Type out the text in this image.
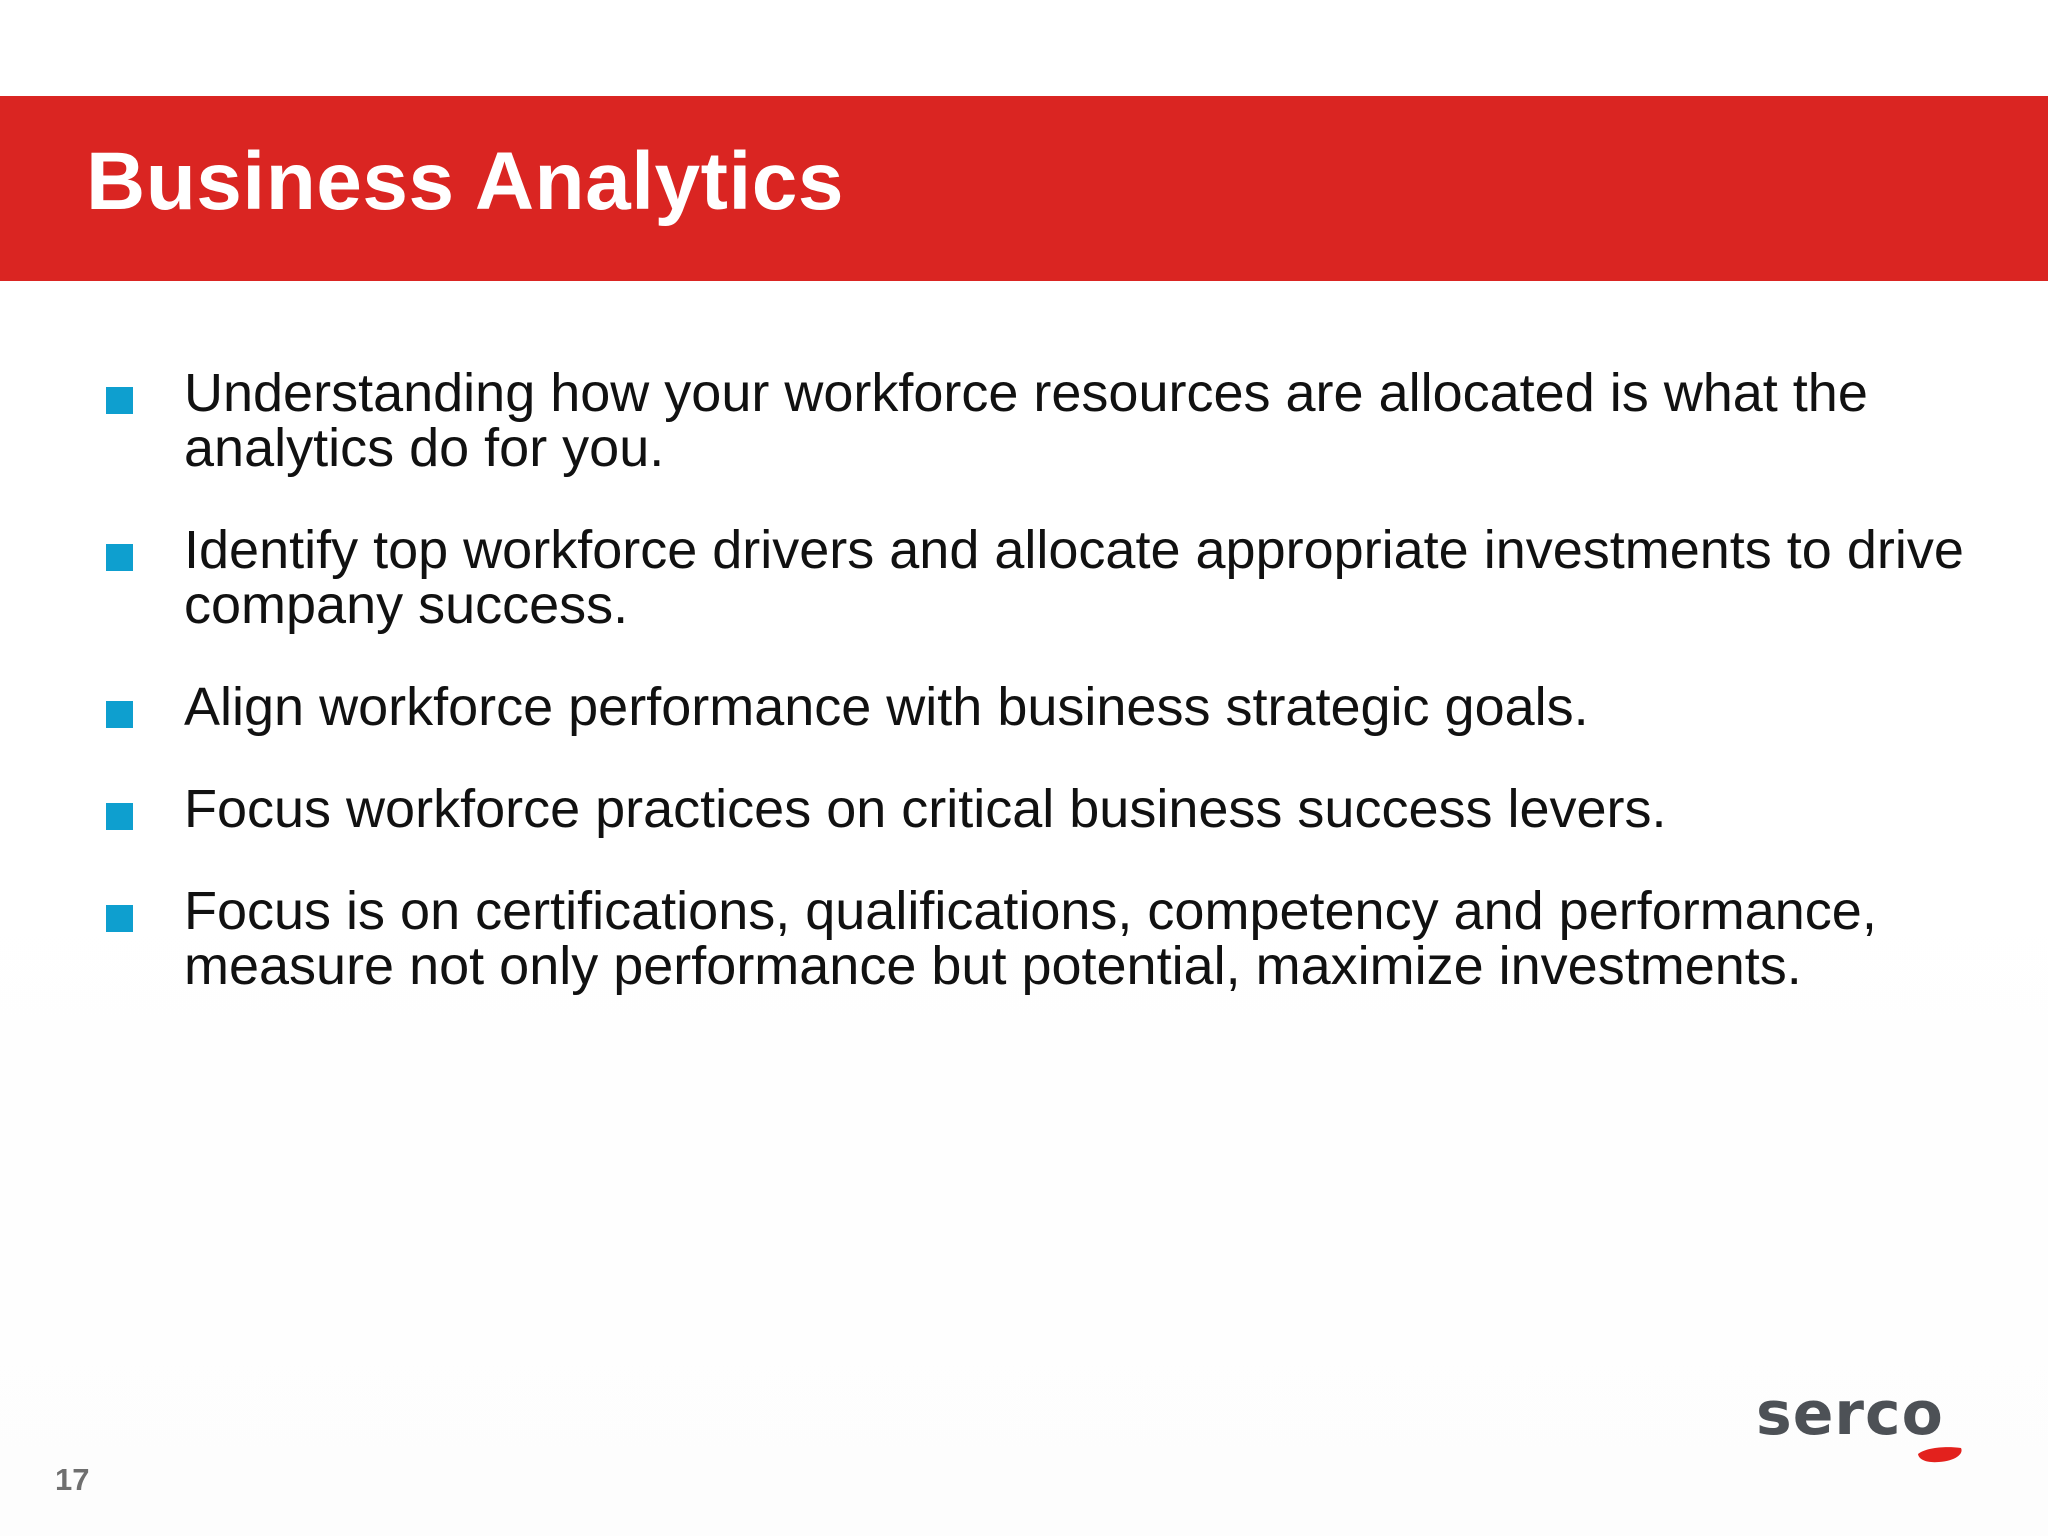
Business Analytics
Understanding how your workforce resources are allocated is what the analytics do for you.
Identify top workforce drivers and allocate appropriate investments to drive company success.
Align workforce performance with business strategic goals.
Focus workforce practices on critical business success levers.
Focus is on certifications, qualifications, competency and performance, measure not only performance but potential, maximize investments.
17
serco
